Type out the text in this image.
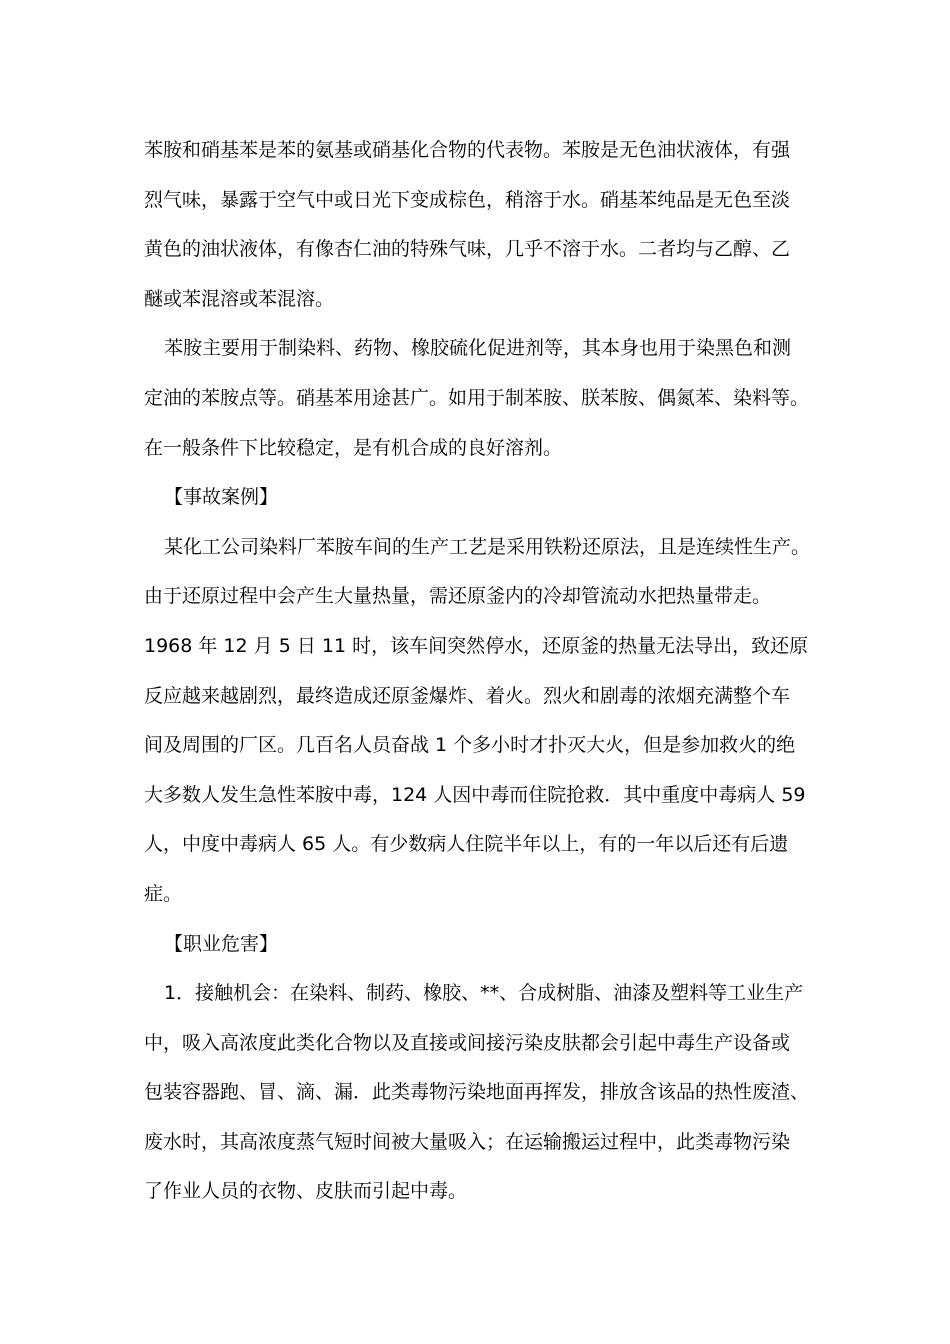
苯胺和硝基苯是苯的氨基或硝基化合物的代表物。苯胺是无色油状液体，有强

烈气味，暴露于空气中或日光下变成棕色，稍溶于水。硝基苯纯品是无色至淡

黄色的油状液体，有像杏仁油的特殊气味，几乎不溶于水。二者均与乙醇、乙

醚或苯混溶或苯混溶。

苯胺主要用于制染料、药物、橡胶硫化促进剂等，其本身也用于染黑色和测

定油的苯胺点等。硝基苯用途甚广。如用于制苯胺、朕苯胺、偶氮苯、染料等。

在一般条件下比较稳定，是有机合成的良好溶剂。

【事故案例】

某化工公司染料厂苯胺车间的生产工艺是采用铁粉还原法，且是连续性生产。

由于还原过程中会产生大量热量，需还原釜内的冷却管流动水把热量带走。

1968 年 12 月 5 日 11 时，该车间突然停水，还原釜的热量无法导出，致还原

反应越来越剧烈，最终造成还原釜爆炸、着火。烈火和剧毒的浓烟充满整个车

间及周围的厂区。几百名人员奋战 1 个多小时才扑灭大火，但是参加救火的绝

大多数人发生急性苯胺中毒，124 人因中毒而住院抢救．其中重度中毒病人 59

人，中度中毒病人 65 人。有少数病人住院半年以上，有的一年以后还有后遗

症。

【职业危害】

1．接触机会：在染料、制药、橡胶、**、合成树脂、油漆及塑料等工业生产

中，吸入高浓度此类化合物以及直接或间接污染皮肤都会引起中毒生产设备或

包装容器跑、冒、滴、漏．此类毒物污染地面再挥发，排放含该品的热性废渣、

废水时，其高浓度蒸气短时间被大量吸入；在运输搬运过程中，此类毒物污染

了作业人员的衣物、皮肤而引起中毒。
